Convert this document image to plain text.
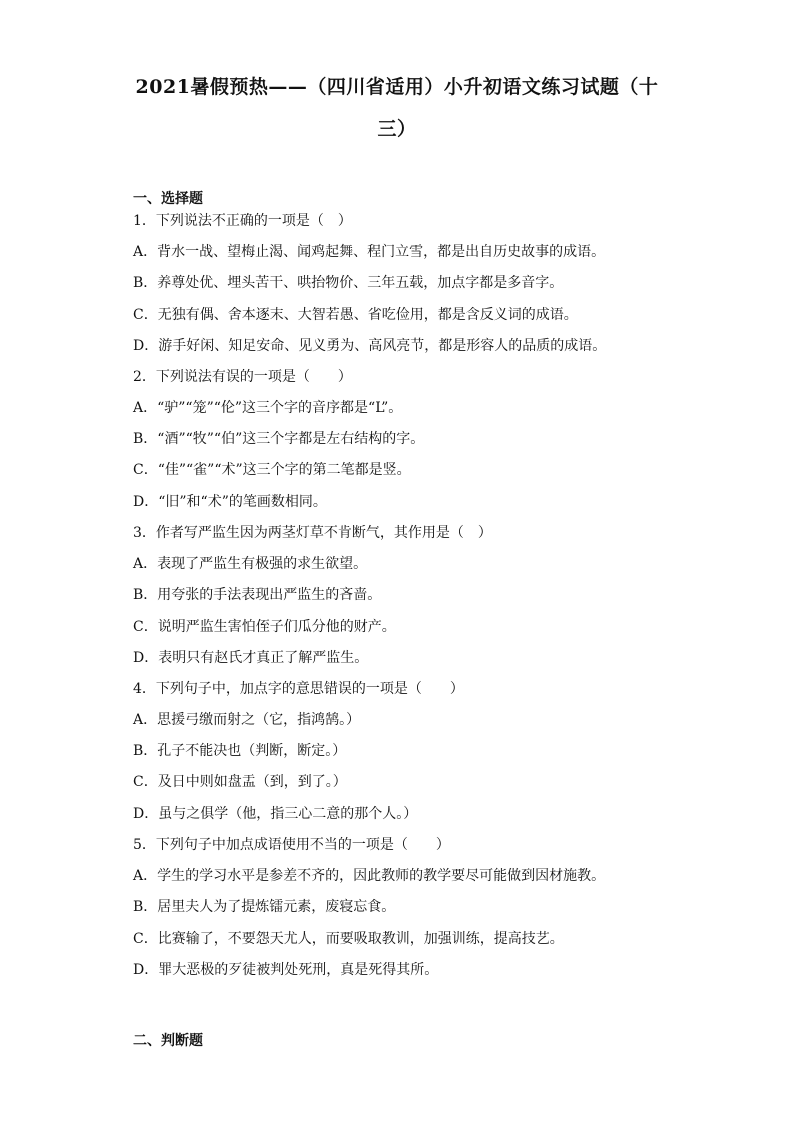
2021暑假预热——（四川省适用）小升初语文练习试题（十
三）
一、选择题
1．下列说法不正确的一项是（　）
A．背水一战、望梅止渴、闻鸡起舞、程门立雪，都是出自历史故事的成语。
B．养尊处优、埋头苦干、哄抬物价、三年五载，加点字都是多音字。
C．无独有偶、舍本逐末、大智若愚、省吃俭用，都是含反义词的成语。
D．游手好闲、知足安命、见义勇为、高风亮节，都是形容人的品质的成语。
2．下列说法有误的一项是（　　）
A．“驴”“笼”“伦”这三个字的音序都是“L”。
B．“酒”“牧”“伯”这三个字都是左右结构的字。
C．“佳”“雀”“术”这三个字的第二笔都是竖。
D．“旧”和“术”的笔画数相同。
3．作者写严监生因为两茎灯草不肯断气，其作用是（　）
A．表现了严监生有极强的求生欲望。
B．用夸张的手法表现出严监生的吝啬。
C．说明严监生害怕侄子们瓜分他的财产。
D．表明只有赵氏才真正了解严监生。
4．下列句子中，加点字的意思错误的一项是（　　）
A．思援弓缴而射之（它，指鸿鹄。）
B．孔子不能决也（判断，断定。）
C．及日中则如盘盂（到，到了。）
D．虽与之俱学（他，指三心二意的那个人。）
5．下列句子中加点成语使用不当的一项是（　　）
A．学生的学习水平是参差不齐的，因此教师的教学要尽可能做到因材施教。
B．居里夫人为了提炼镭元素，废寝忘食。
C．比赛输了，不要怨天尤人，而要吸取教训，加强训练，提高技艺。
D．罪大恶极的歹徒被判处死刑，真是死得其所。
二、判断题
